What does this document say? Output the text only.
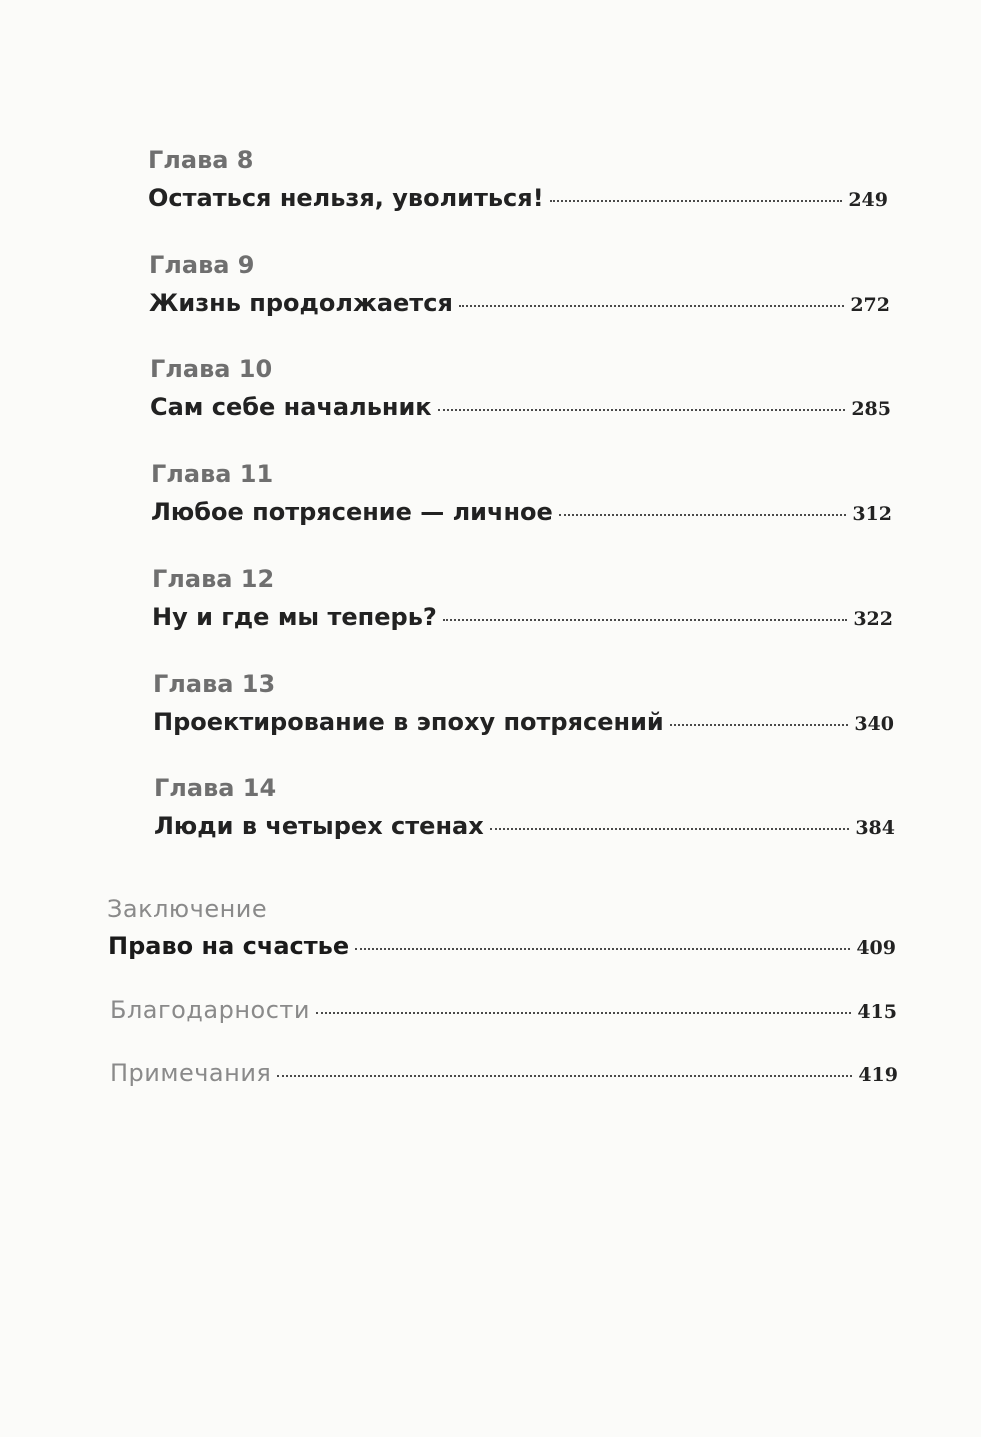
Глава 8
Остаться нельзя, уволиться!	249
Глава 9
Жизнь продолжается	272
Глава 10
Сам себе начальник	285
Глава 11
Любое потрясение — личное	312
Глава 12
Ну и где мы теперь?	322
Глава 13
Проектирование в эпоху потрясений	340
Глава 14
Люди в четырех стенах	384
Заключение
Право на счастье	409
Благодарности	415
Примечания	419
